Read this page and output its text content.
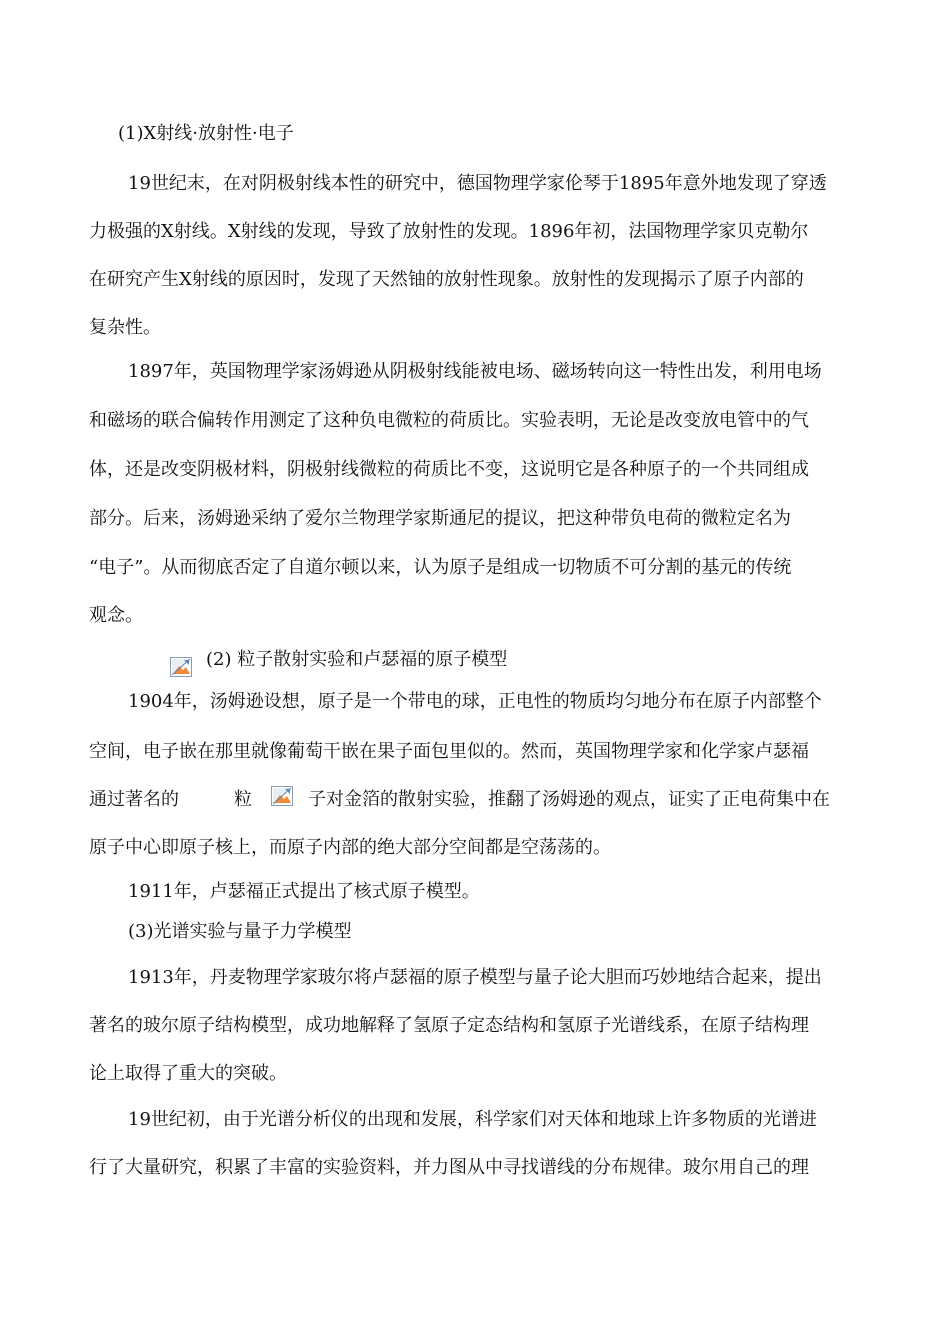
(1)X射线·放射性·电子
19世纪末，在对阴极射线本性的研究中，德国物理学家伦琴于1895年意外地发现了穿透
力极强的X射线。X射线的发现，导致了放射性的发现。1896年初，法国物理学家贝克勒尔
在研究产生X射线的原因时，发现了天然铀的放射性现象。放射性的发现揭示了原子内部的
复杂性。
1897年，英国物理学家汤姆逊从阴极射线能被电场、磁场转向这一特性出发，利用电场
和磁场的联合偏转作用测定了这种负电微粒的荷质比。实验表明，无论是改变放电管中的气
体，还是改变阴极材料，阴极射线微粒的荷质比不变，这说明它是各种原子的一个共同组成
部分。后来，汤姆逊采纳了爱尔兰物理学家斯通尼的提议，把这种带负电荷的微粒定名为
“电子”。从而彻底否定了自道尔顿以来，认为原子是组成一切物质不可分割的基元的传统
观念。
(2) 粒子散射实验和卢瑟福的原子模型
1904年，汤姆逊设想，原子是一个带电的球，正电性的物质均匀地分布在原子内部整个
空间，电子嵌在那里就像葡萄干嵌在果子面包里似的。然而，英国物理学家和化学家卢瑟福
通过著名的	粒	子对金箔的散射实验，推翻了汤姆逊的观点，证实了正电荷集中在
原子中心即原子核上，而原子内部的绝大部分空间都是空荡荡的。
1911年，卢瑟福正式提出了核式原子模型。
(3)光谱实验与量子力学模型
1913年，丹麦物理学家玻尔将卢瑟福的原子模型与量子论大胆而巧妙地结合起来，提出
著名的玻尔原子结构模型，成功地解释了氢原子定态结构和氢原子光谱线系，在原子结构理
论上取得了重大的突破。
19世纪初，由于光谱分析仪的出现和发展，科学家们对天体和地球上许多物质的光谱进
行了大量研究，积累了丰富的实验资料，并力图从中寻找谱线的分布规律。玻尔用自己的理
